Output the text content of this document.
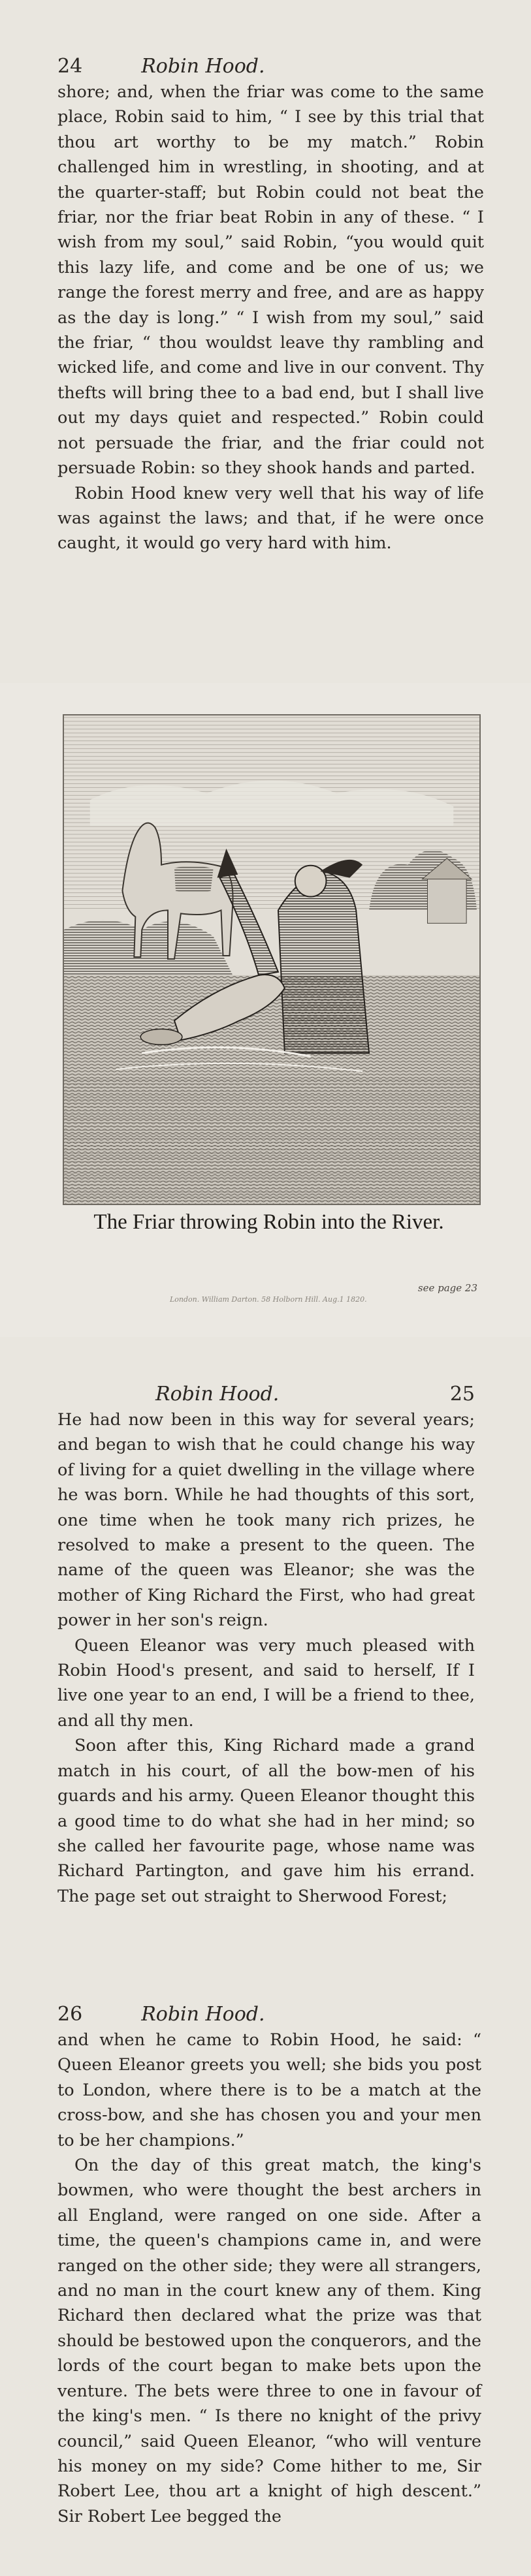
24	Robin Hood.

shore; and, when the friar was come to the same place, Robin said to him, “ I see by this trial that thou art worthy to be my match.” Robin challenged him in wrestling, in shooting, and at the quarter-staff; but Robin could not beat the friar, nor the friar beat Robin in any of these. “ I wish from my soul,” said Robin, “you would quit this lazy life, and come and be one of us; we range the forest merry and free, and are as happy as the day is long.” “ I wish from my soul,” said the friar, “ thou wouldst leave thy rambling and wicked life, and come and live in our convent. Thy thefts will bring thee to a bad end, but I shall live out my days quiet and respected.” Robin could not persuade the friar, and the friar could not persuade Robin: so they shook hands and parted.

Robin Hood knew very well that his way of life was against the laws; and that, if he were once caught, it would go very hard with him.

The Friar throwing Robin into the River.
see page 23
London. William Darton. 58 Holborn Hill. Aug.1 1820.
Robin Hood.	25

He had now been in this way for several years; and began to wish that he could change his way of living for a quiet dwelling in the village where he was born. While he had thoughts of this sort, one time when he took many rich prizes, he resolved to make a present to the queen. The name of the queen was Eleanor; she was the mother of King Richard the First, who had great power in her son's reign.

Queen Eleanor was very much pleased with Robin Hood's present, and said to herself, If I live one year to an end, I will be a friend to thee, and all thy men.

Soon after this, King Richard made a grand match in his court, of all the bow-men of his guards and his army. Queen Eleanor thought this a good time to do what she had in her mind; so she called her favourite page, whose name was Richard Partington, and gave him his errand. The page set out straight to Sherwood Forest;

26	Robin Hood.

and when he came to Robin Hood, he said: “ Queen Eleanor greets you well; she bids you post to London, where there is to be a match at the cross-bow, and she has chosen you and your men to be her champions.”

On the day of this great match, the king's bowmen, who were thought the best archers in all England, were ranged on one side. After a time, the queen's champions came in, and were ranged on the other side; they were all strangers, and no man in the court knew any of them. King Richard then declared what the prize was that should be bestowed upon the conquerors, and the lords of the court began to make bets upon the venture. The bets were three to one in favour of the king's men. “ Is there no knight of the privy council,” said Queen Eleanor, “who will venture his money on my side? Come hither to me, Sir Robert Lee, thou art a knight of high descent.” Sir Robert Lee begged the
